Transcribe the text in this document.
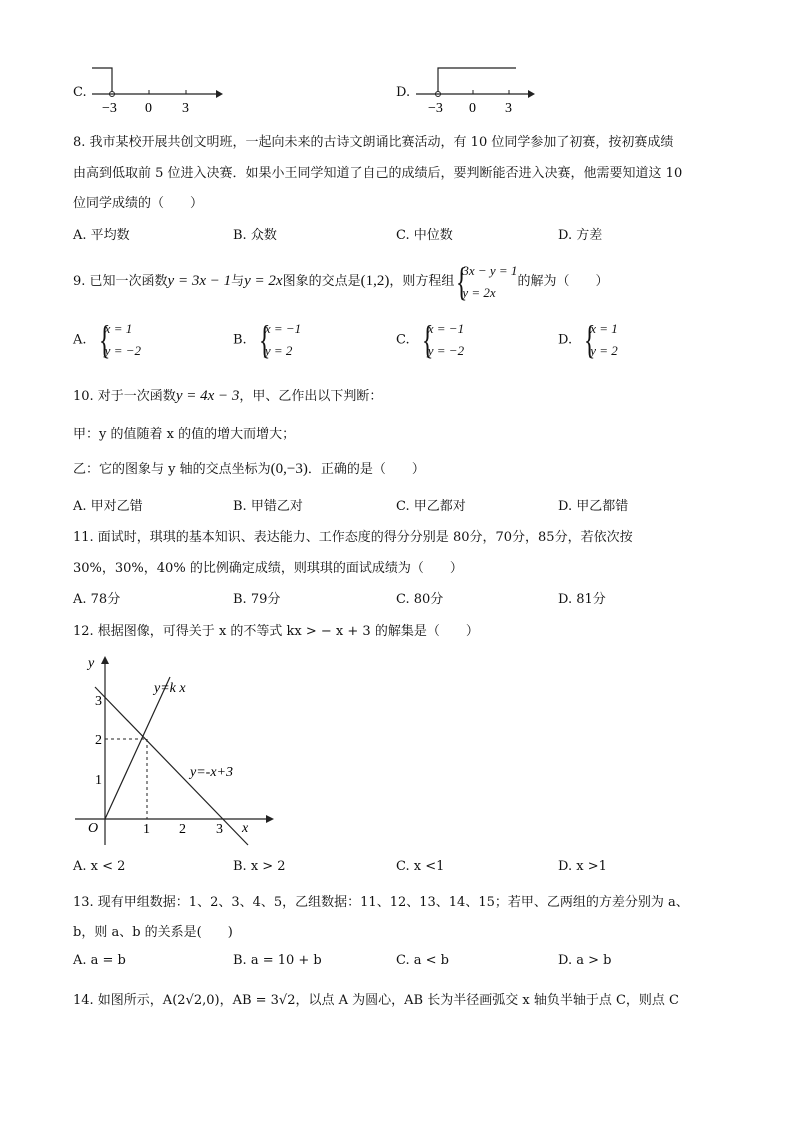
C.
−3 0 3
D.
−3 0 3
8. 我市某校开展共创文明班，一起向未来的古诗文朗诵比赛活动，有 10 位同学参加了初赛，按初赛成绩
由高到低取前 5 位进入决赛．如果小王同学知道了自己的成绩后，要判断能否进入决赛，他需要知道这 10
位同学成绩的（　　）
A. 平均数	B. 众数	C. 中位数	D. 方差
9. 已知一次函数y = 3x − 1与y = 2x图象的交点是(1,2)，则方程组
{ 3x − y = 1
y = 2x
的解为（　　）
A.
{ x = 1
y = −2
B.
{ x = −1
y = 2
C.
{ x = −1
y = −2
D.
{ x = 1
y = 2
10. 对于一次函数y = 4x − 3，甲、乙作出以下判断：
甲：y 的值随着 x 的值的增大而增大；
乙：它的图象与 y 轴的交点坐标为(0,−3)．正确的是（　　）
A. 甲对乙错	B. 甲错乙对	C. 甲乙都对	D. 甲乙都错
11. 面试时，琪琪的基本知识、表达能力、工作态度的得分分别是 80分，70分，85分，若依次按
30%，30%，40% 的比例确定成绩，则琪琪的面试成绩为（　　）
A. 78分	B. 79分	C. 80分	D. 81分
12. 根据图像，可得关于 x 的不等式 kx > − x + 3 的解集是（　　）
y
x
O	1 2 3
1
2
3
y=k x
y=-x+3
A. x < 2	B. x > 2	C. x <1	D. x >1
13. 现有甲组数据：1、2、3、4、5，乙组数据：11、12、13、14、15；若甲、乙两组的方差分别为 a、
b，则 a、b 的关系是(　　)
A. a = b	B. a = 10 + b	C. a < b	D. a > b
14. 如图所示，A(2√2,0)，AB = 3√2，以点 A 为圆心，AB 长为半径画弧交 x 轴负半轴于点 C，则点 C
